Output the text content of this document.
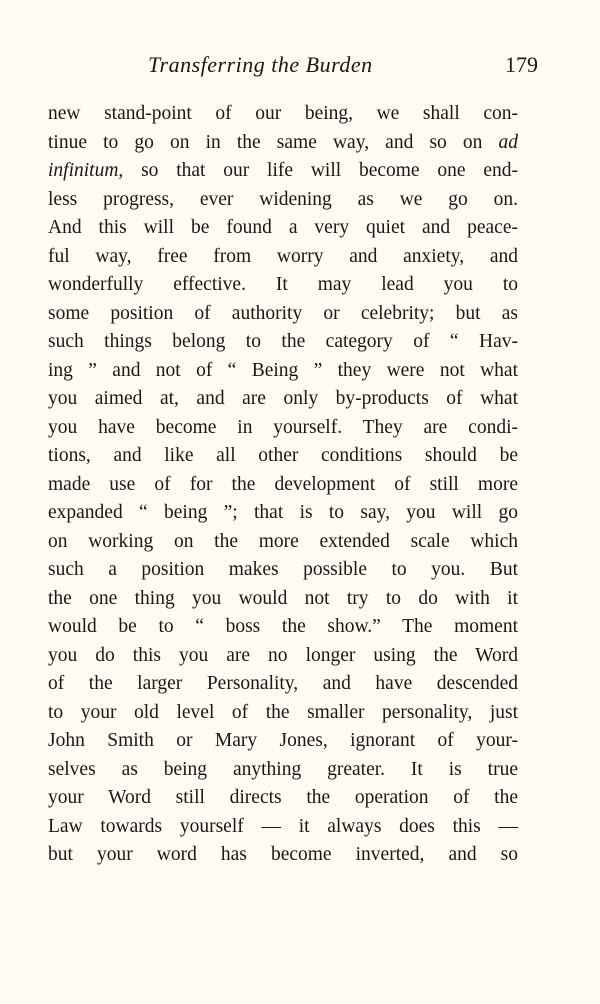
Transferring the Burden	179
new stand-point of our being, we shall con-
tinue to go on in the same way, and so on ad
infinitum, so that our life will become one end-
less progress, ever widening as we go on.
And this will be found a very quiet and peace-
ful way, free from worry and anxiety, and
wonderfully effective. It may lead you to
some position of authority or celebrity; but as
such things belong to the category of “ Hav-
ing ” and not of “ Being ” they were not what
you aimed at, and are only by-products of what
you have become in yourself. They are condi-
tions, and like all other conditions should be
made use of for the development of still more
expanded “ being ”; that is to say, you will go
on working on the more extended scale which
such a position makes possible to you. But
the one thing you would not try to do with it
would be to “ boss the show.” The moment
you do this you are no longer using the Word
of the larger Personality, and have descended
to your old level of the smaller personality, just
John Smith or Mary Jones, ignorant of your-
selves as being anything greater. It is true
your Word still directs the operation of the
Law towards yourself — it always does this —
but your word has become inverted, and so
